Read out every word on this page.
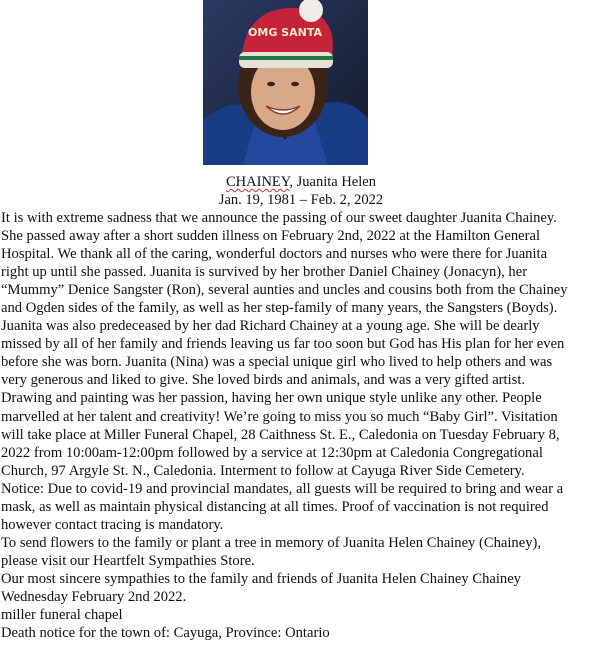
OMG SANTA
CHAINEY, Juanita Helen
Jan. 19, 1981 – Feb. 2, 2022

It is with extreme sadness that we announce the passing of our sweet daughter Juanita Chainey.
She passed away after a short sudden illness on February 2nd, 2022 at the Hamilton General
Hospital. We thank all of the caring, wonderful doctors and nurses who were there for Juanita
right up until she passed. Juanita is survived by her brother Daniel Chainey (Jonacyn), her
“Mummy” Denice Sangster (Ron), several aunties and uncles and cousins both from the Chainey
and Ogden sides of the family, as well as her step-family of many years, the Sangsters (Boyds).
Juanita was also predeceased by her dad Richard Chainey at a young age. She will be dearly
missed by all of her family and friends leaving us far too soon but God has His plan for her even
before she was born. Juanita (Nina) was a special unique girl who lived to help others and was
very generous and liked to give. She loved birds and animals, and was a very gifted artist.
Drawing and painting was her passion, having her own unique style unlike any other. People
marvelled at her talent and creativity! We’re going to miss you so much “Baby Girl”. Visitation
will take place at Miller Funeral Chapel, 28 Caithness St. E., Caledonia on Tuesday February 8,
2022 from 10:00am-12:00pm followed by a service at 12:30pm at Caledonia Congregational
Church, 97 Argyle St. N., Caledonia. Interment to follow at Cayuga River Side Cemetery.

Notice: Due to covid-19 and provincial mandates, all guests will be required to bring and wear a
mask, as well as maintain physical distancing at all times. Proof of vaccination is not required
however contact tracing is mandatory.

To send flowers to the family or plant a tree in memory of Juanita Helen Chainey (Chainey),
please visit our Heartfelt Sympathies Store.

Our most sincere sympathies to the family and friends of Juanita Helen Chainey Chainey
Wednesday February 2nd 2022.

miller funeral chapel

Death notice for the town of: Cayuga, Province: Ontario
